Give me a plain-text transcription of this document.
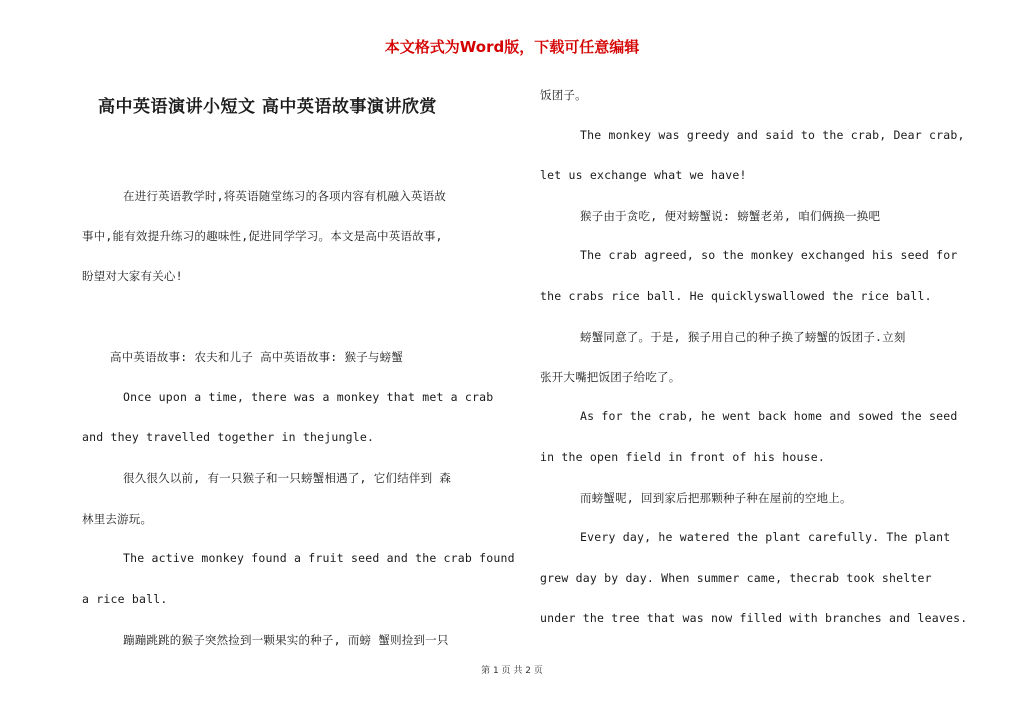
本文格式为Word版，下载可任意编辑
高中英语演讲小短文 高中英语故事演讲欣赏
在进行英语教学时,将英语随堂练习的各项内容有机融入英语故
事中,能有效提升练习的趣味性,促进同学学习。本文是高中英语故事,
盼望对大家有关心!
高中英语故事: 农夫和儿子 高中英语故事: 猴子与螃蟹
Once upon a time, there was a monkey that met a crab
and they travelled together in thejungle.
很久很久以前, 有一只猴子和一只螃蟹相遇了, 它们结伴到 森
林里去游玩。
The active monkey found a fruit seed and the crab found
a rice ball.
蹦蹦跳跳的猴子突然捡到一颗果实的种子, 而螃 蟹则捡到一只
饭团子。
The monkey was greedy and said to the crab, Dear crab,
let us exchange what we have!
猴子由于贪吃, 便对螃蟹说: 螃蟹老弟, 咱们俩换一换吧
The crab agreed, so the monkey exchanged his seed for
the crabs rice ball. He quicklyswallowed the rice ball.
螃蟹同意了。于是, 猴子用自己的种子换了螃蟹的饭团子.立刻
张开大嘴把饭团子给吃了。
As for the crab, he went back home and sowed the seed
in the open field in front of his house.
而螃蟹呢, 回到家后把那颗种子种在屋前的空地上。
Every day, he watered the plant carefully. The plant
grew day by day. When summer came, thecrab took shelter
under the tree that was now filled with branches and leaves.
第 1 页 共 2 页
